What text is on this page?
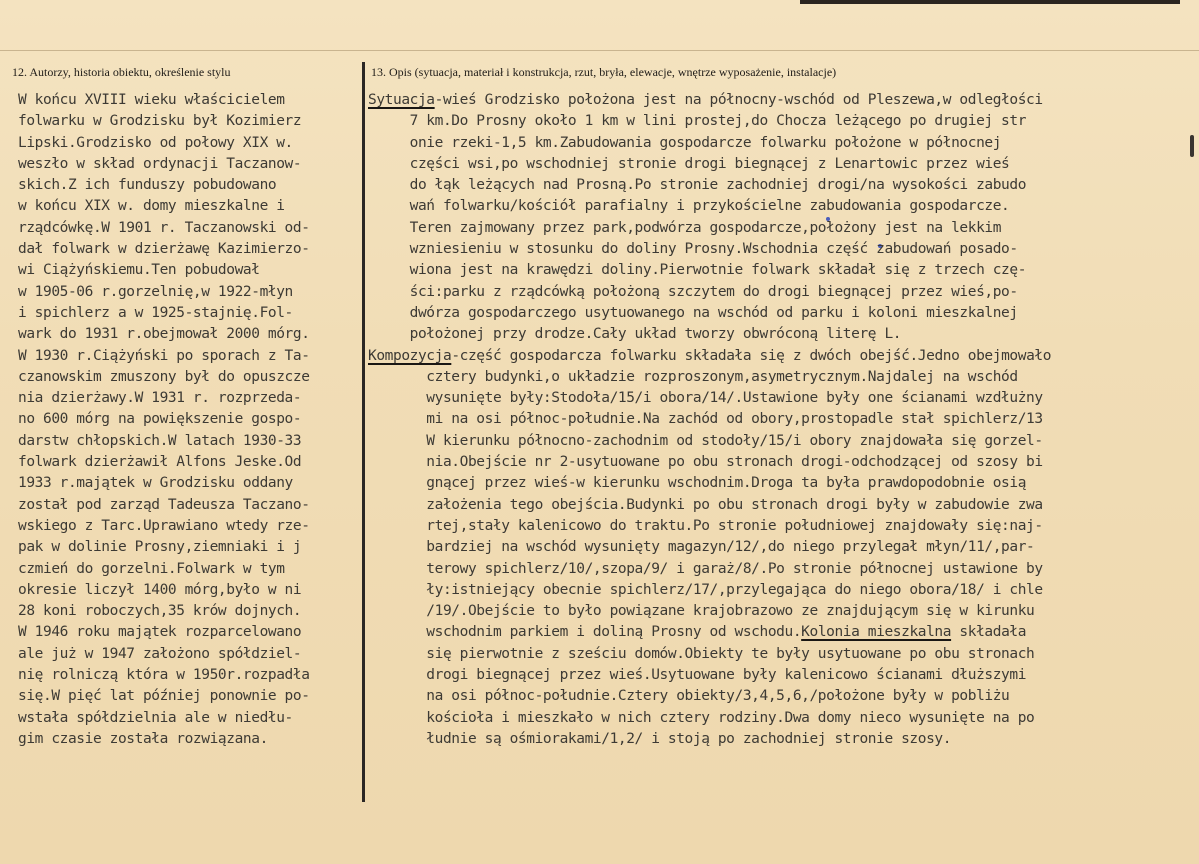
12. Autorzy, historia obiektu, określenie stylu	13. Opis (sytuacja, materiał i konstrukcja, rzut, bryła, elewacje, wnętrze wyposażenie, instalacje)
W końcu XVIII wieku właścicielem
folwarku w Grodzisku był Kozimierz
Lipski.Grodzisko od połowy XIX w.
weszło w skład ordynacji Taczanow-
skich.Z ich funduszy pobudowano
w końcu XIX w. domy mieszkalne i
rządcówkę.W 1901 r. Taczanowski od-
dał folwark w dzierżawę Kazimierzo-
wi Ciążyńskiemu.Ten pobudował
w 1905-06 r.gorzelnię,w 1922-młyn
i spichlerz a w 1925-stajnię.Fol-
wark do 1931 r.obejmował 2000 mórg.
W 1930 r.Ciążyński po sporach z Ta-
czanowskim zmuszony był do opuszcze
nia dzierżawy.W 1931 r. rozprzeda-
no 600 mórg na powiększenie gospo-
darstw chłopskich.W latach 1930-33
folwark dzierżawił Alfons Jeske.Od
1933 r.majątek w Grodzisku oddany
został pod zarząd Tadeusza Taczano-
wskiego z Tarc.Uprawiano wtedy rze-
pak w dolinie Prosny,ziemniaki i j
czmień do gorzelni.Folwark w tym
okresie liczył 1400 mórg,było w ni
28 koni roboczych,35 krów dojnych.
W 1946 roku majątek rozparcelowano
ale już w 1947 założono spółdziel-
nię rolniczą która w 1950r.rozpadła
się.W pięć lat później ponownie po-
wstała spółdzielnia ale w niedłu-
gim czasie została rozwiązana.
Sytuacja-wieś Grodzisko położona jest na północny-wschód od Pleszewa,w odległości
7 km.Do Prosny około 1 km w lini prostej,do Chocza leżącego po drugiej str
onie rzeki-1,5 km.Zabudowania gospodarcze folwarku położone w północnej
części wsi,po wschodniej stronie drogi biegnącej z Lenartowic przez wieś
do łąk leżących nad Prosną.Po stronie zachodniej drogi/na wysokości zabudo
wań folwarku/kościół parafialny i przykościelne zabudowania gospodarcze.
Teren zajmowany przez park,podwórza gospodarcze,położony jest na lekkim
wzniesieniu w stosunku do doliny Prosny.Wschodnia część zabudowań posado-
wiona jest na krawędzi doliny.Pierwotnie folwark składał się z trzech czę-
ści:parku z rządcówką położoną szczytem do drogi biegnącej przez wieś,po-
dwórza gospodarczego usytuowanego na wschód od parku i koloni mieszkalnej
położonej przy drodze.Cały układ tworzy obwróconą literę L.
Kompozycja-część gospodarcza folwarku składała się z dwóch obejść.Jedno obejmowało
cztery budynki,o układzie rozproszonym,asymetrycznym.Najdalej na wschód
wysunięte były:Stodoła/15/i obora/14/.Ustawione były one ścianami wzdłużny
mi na osi północ-południe.Na zachód od obory,prostopadle stał spichlerz/13
W kierunku północno-zachodnim od stodoły/15/i obory znajdowała się gorzel-
nia.Obejście nr 2-usytuowane po obu stronach drogi-odchodzącej od szosy bi
gnącej przez wieś-w kierunku wschodnim.Droga ta była prawdopodobnie osią
założenia tego obejścia.Budynki po obu stronach drogi były w zabudowie zwa
rtej,stały kalenicowo do traktu.Po stronie południowej znajdowały się:naj-
bardziej na wschód wysunięty magazyn/12/,do niego przylegał młyn/11/,par-
terowy spichlerz/10/,szopa/9/ i garaż/8/.Po stronie północnej ustawione by
ły:istniejący obecnie spichlerz/17/,przylegająca do niego obora/18/ i chle
/19/.Obejście to było powiązane krajobrazowo ze znajdującym się w kirunku
wschodnim parkiem i doliną Prosny od wschodu.Kolonia mieszkalna składała
się pierwotnie z sześciu domów.Obiekty te były usytuowane po obu stronach
drogi biegnącej przez wieś.Usytuowane były kalenicowo ścianami dłuższymi
na osi północ-południe.Cztery obiekty/3,4,5,6,/położone były w pobliżu
kościoła i mieszkało w nich cztery rodziny.Dwa domy nieco wysunięte na po
łudnie są ośmiorakami/1,2/ i stoją po zachodniej stronie szosy.
